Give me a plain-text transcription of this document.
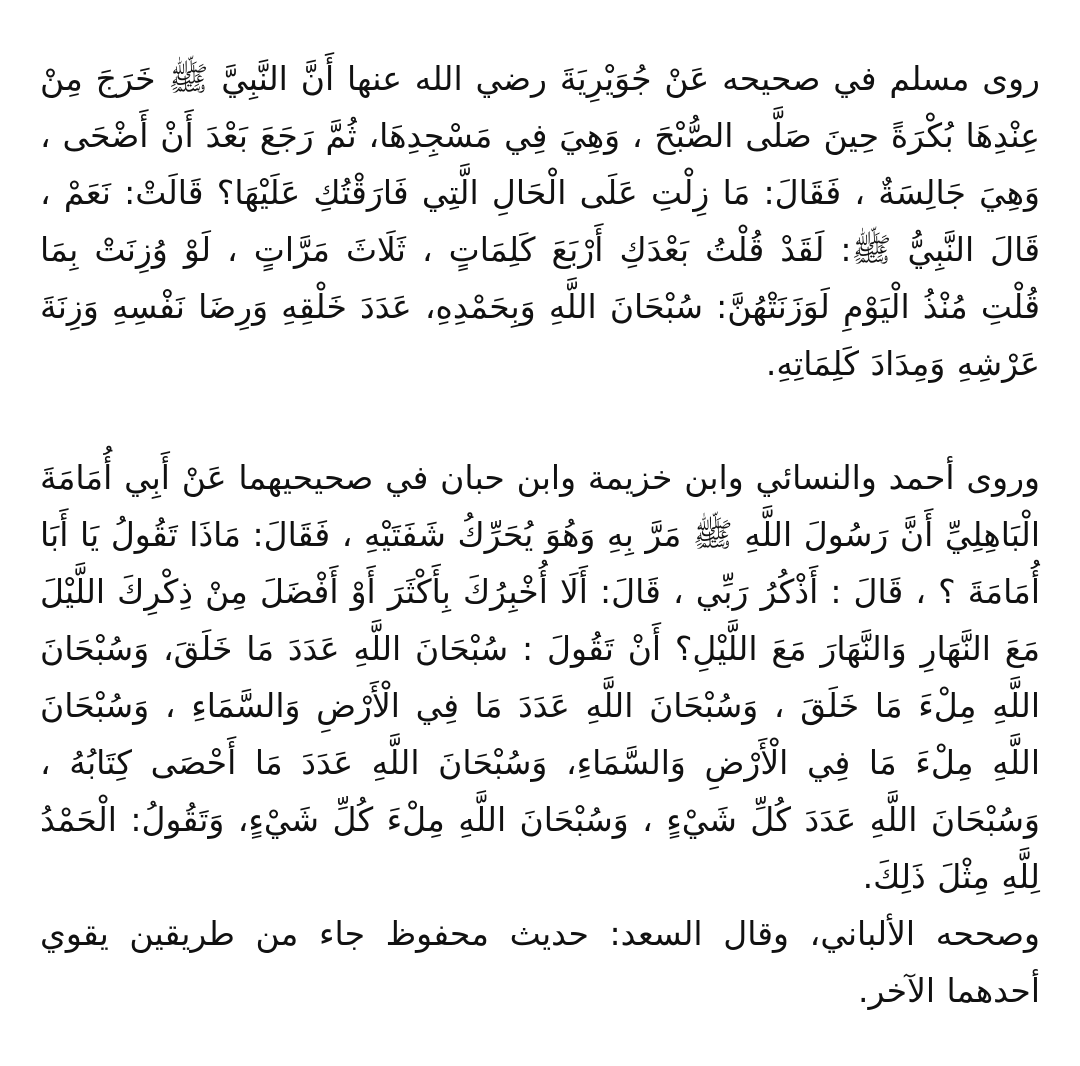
روى مسلم في صحيحه عَنْ جُوَيْرِيَةَ رضي الله عنها أَنَّ النَّبِيَّ ﷺ خَرَجَ مِنْ عِنْدِهَا بُكْرَةً حِينَ صَلَّى الصُّبْحَ ، وَهِيَ فِي مَسْجِدِهَا، ثُمَّ رَجَعَ بَعْدَ أَنْ أَضْحَى ، وَهِيَ جَالِسَةٌ ، فَقَالَ: مَا زِلْتِ عَلَى الْحَالِ الَّتِي فَارَقْتُكِ عَلَيْهَا؟ قَالَتْ: نَعَمْ ، قَالَ النَّبِيُّ ﷺ: لَقَدْ قُلْتُ بَعْدَكِ أَرْبَعَ كَلِمَاتٍ ، ثَلَاثَ مَرَّاتٍ ، لَوْ وُزِنَتْ بِمَا قُلْتِ مُنْذُ الْيَوْمِ لَوَزَنَتْهُنَّ: سُبْحَانَ اللَّهِ وَبِحَمْدِهِ، عَدَدَ خَلْقِهِ وَرِضَا نَفْسِهِ وَزِنَةَ عَرْشِهِ وَمِدَادَ كَلِمَاتِهِ.

وروى أحمد والنسائي وابن خزيمة وابن حبان في صحيحيهما عَنْ أَبِي أُمَامَةَ الْبَاهِلِيِّ أَنَّ رَسُولَ اللَّهِ ﷺ مَرَّ بِهِ وَهُوَ يُحَرِّكُ شَفَتَيْهِ ، فَقَالَ: مَاذَا تَقُولُ يَا أَبَا أُمَامَةَ ؟ ، قَالَ : أَذْكُرُ رَبِّي ، قَالَ: أَلَا أُخْبِرُكَ بِأَكْثَرَ أَوْ أَفْضَلَ مِنْ ذِكْرِكَ اللَّيْلَ مَعَ النَّهَارِ وَالنَّهَارَ مَعَ اللَّيْلِ؟ أَنْ تَقُولَ : سُبْحَانَ اللَّهِ عَدَدَ مَا خَلَقَ، وَسُبْحَانَ اللَّهِ مِلْءَ مَا خَلَقَ ، وَسُبْحَانَ اللَّهِ عَدَدَ مَا فِي الْأَرْضِ وَالسَّمَاءِ ، وَسُبْحَانَ اللَّهِ مِلْءَ مَا فِي الْأَرْضِ وَالسَّمَاءِ، وَسُبْحَانَ اللَّهِ عَدَدَ مَا أَحْصَى كِتَابُهُ ، وَسُبْحَانَ اللَّهِ عَدَدَ كُلِّ شَيْءٍ ، وَسُبْحَانَ اللَّهِ مِلْءَ كُلِّ شَيْءٍ، وَتَقُولُ: الْحَمْدُ لِلَّهِ مِثْلَ ذَلِكَ.

وصححه الألباني، وقال السعد: حديث محفوظ جاء من طريقين يقوي أحدهما الآخر.
